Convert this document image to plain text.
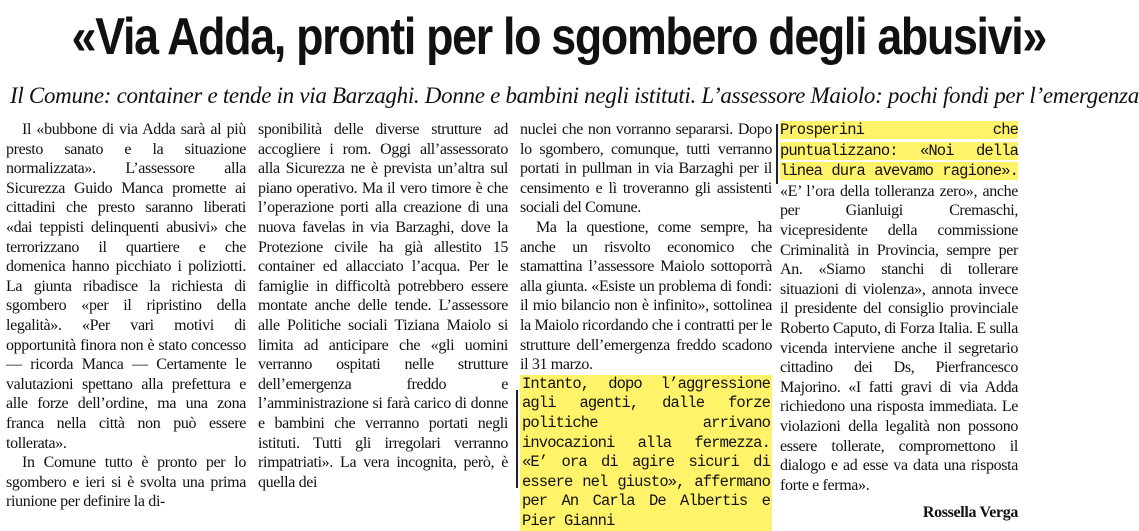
«Via Adda, pronti per lo sgombero degli abusivi»
Il Comune: container e tende in via Barzaghi. Donne e bambini negli istituti. L’assessore Maiolo: pochi fondi per l’emergenza

Il «bubbone di via Adda sarà al più presto sanato e la situazione normalizzata». L’assessore alla Sicurezza Guido Manca promette ai cittadini che presto saranno liberati «dai teppisti delinquenti abusivi» che terrorizzano il quartiere e che domenica hanno picchiato i poliziotti. La giunta ribadisce la richiesta di sgombero «per il ripristino della legalità». «Per vari motivi di opportunità finora non è stato concesso — ricorda Manca — Certamente le valutazioni spettano alla prefettura e alle forze dell’ordine, ma una zona franca nella città non può essere tollerata».

In Comune tutto è pronto per lo sgombero e ieri si è svolta una prima riunione per definire la di-

sponibilità delle diverse strutture ad accogliere i rom. Oggi all’assessorato alla Sicurezza ne è prevista un’altra sul piano operativo. Ma il vero timore è che l’operazione porti alla creazione di una nuova favelas in via Barzaghi, dove la Protezione civile ha già allestito 15 container ed allacciato l’acqua. Per le famiglie in difficoltà potrebbero essere montate anche delle tende. L’assessore alle Politiche sociali Tiziana Maiolo si limita ad anticipare che «gli uomini verranno ospitati nelle strutture dell’emergenza freddo e l’amministrazione si farà carico di donne e bambini che verranno portati negli istituti. Tutti gli irregolari verranno rimpatriati». La vera incognita, però, è quella dei

nuclei che non vorranno separarsi. Dopo lo sgombero, comunque, tutti verranno portati in pullman in via Barzaghi per il censimento e lì troveranno gli assistenti sociali del Comune.

Ma la questione, come sempre, ha anche un risvolto economico che stamattina l’assessore Maiolo sottoporrà alla giunta. «Esiste un problema di fondi: il mio bilancio non è infinito», sottolinea la Maiolo ricordando che i contratti per le strutture dell’emergenza freddo scadono il 31 marzo.

Intanto, dopo l’aggressione agli agenti, dalle forze politiche arrivano invocazioni alla fermezza. «E’ ora di agire sicuri di essere nel giusto», affermano per An Carla De Albertis e Pier Gianni

Prosperini che puntualizzano: «Noi della linea dura avevamo ragione». «E’ l’ora della tolleranza zero», anche per Gianluigi Cremaschi, vicepresidente della commissione Criminalità in Provincia, sempre per An. «Siamo stanchi di tollerare situazioni di violenza», annota invece il presidente del consiglio provinciale Roberto Caputo, di Forza Italia. E sulla vicenda interviene anche il segretario cittadino dei Ds, Pierfrancesco Majorino. «I fatti gravi di via Adda richiedono una risposta immediata. Le violazioni della legalità non possono essere tollerate, compromettono il dialogo e ad esse va data una risposta forte e ferma».

Rossella Verga
